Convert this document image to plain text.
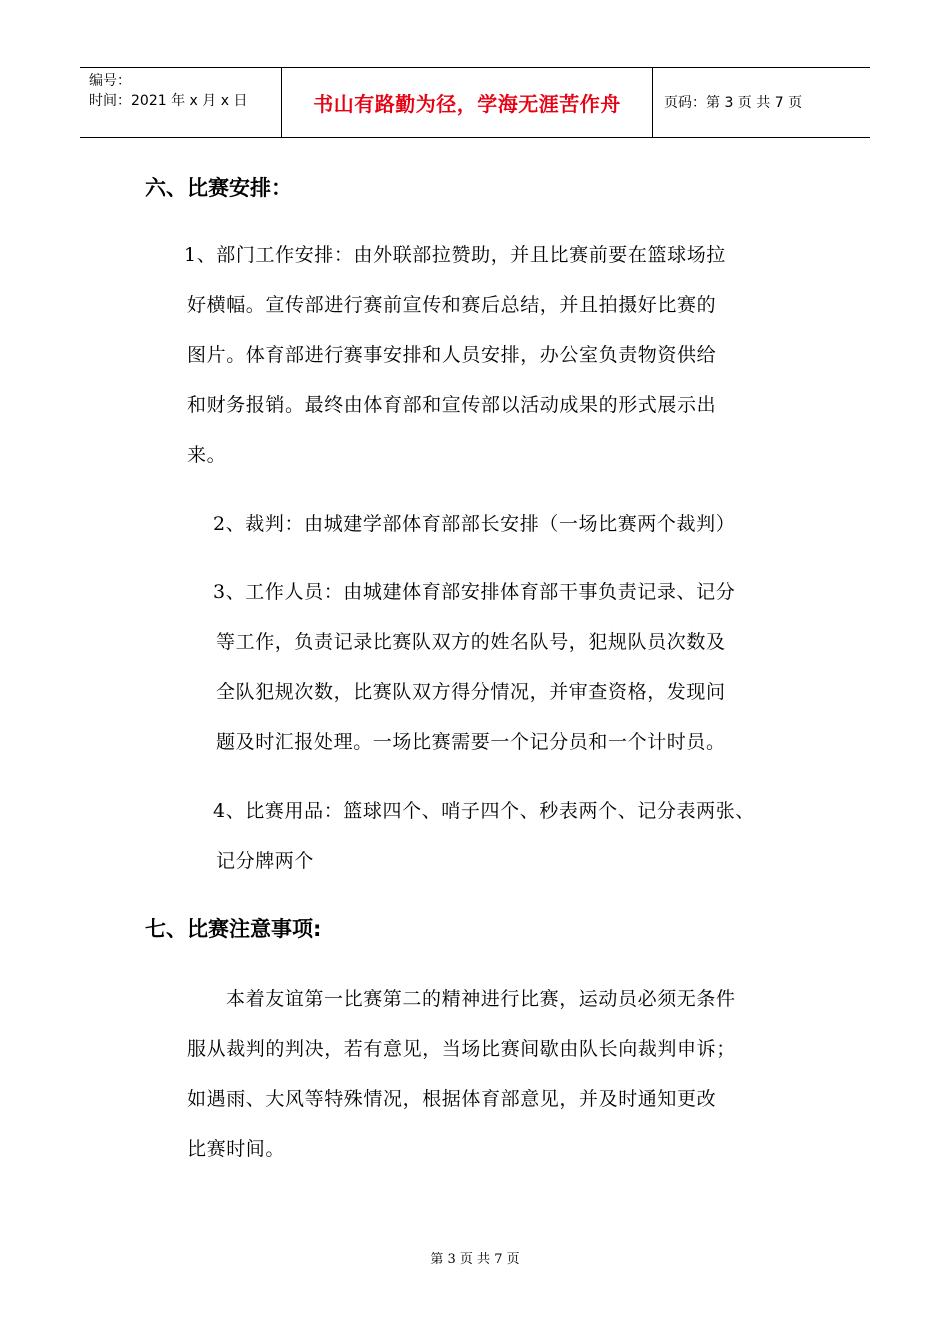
编号：
时间：2021 年 x 月 x 日	书山有路勤为径，学海无涯苦作舟	页码：第 3 页 共 7 页
六、比赛安排：
1、部门工作安排：由外联部拉赞助，并且比赛前要在篮球场拉
好横幅。宣传部进行赛前宣传和赛后总结，并且拍摄好比赛的
图片。体育部进行赛事安排和人员安排，办公室负责物资供给
和财务报销。最终由体育部和宣传部以活动成果的形式展示出
来。
2、裁判：由城建学部体育部部长安排（一场比赛两个裁判）
3、工作人员：由城建体育部安排体育部干事负责记录、记分
等工作，负责记录比赛队双方的姓名队号，犯规队员次数及
全队犯规次数，比赛队双方得分情况，并审查资格，发现问
题及时汇报处理。一场比赛需要一个记分员和一个计时员。
4、比赛用品：篮球四个、哨子四个、秒表两个、记分表两张、
记分牌两个
七、比赛注意事项:
本着友谊第一比赛第二的精神进行比赛，运动员必须无条件
服从裁判的判决，若有意见，当场比赛间歇由队长向裁判申诉；
如遇雨、大风等特殊情况，根据体育部意见，并及时通知更改
比赛时间。
第 3 页 共 7 页
